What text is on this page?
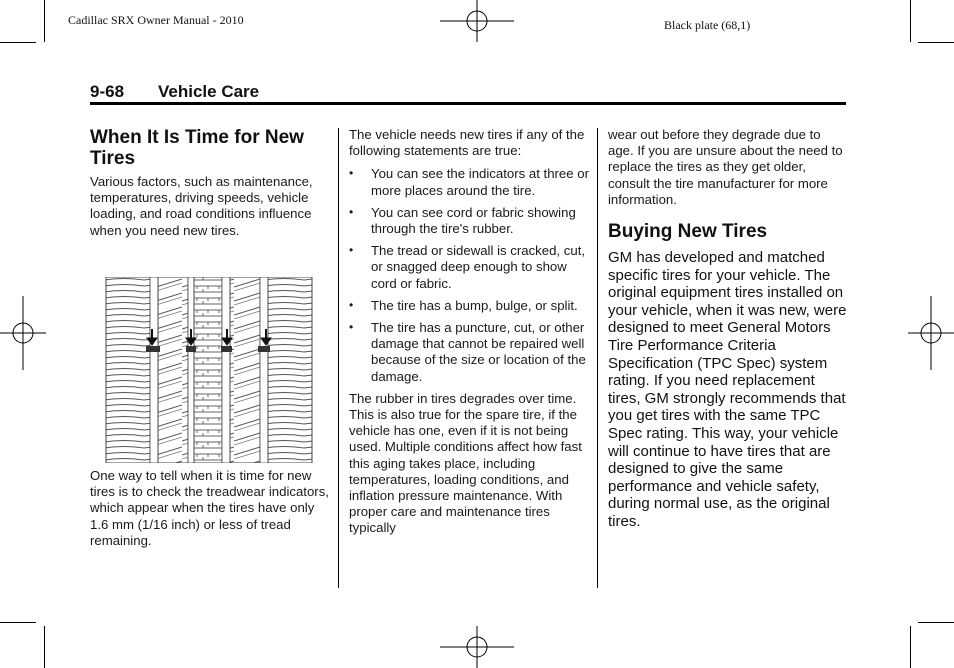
Cadillac SRX Owner Manual - 2010	Black plate (68,1)
9-68 Vehicle Care
When It Is Time for New Tires

Various factors, such as maintenance, temperatures, driving speeds, vehicle loading, and road conditions influence when you need new tires.

One way to tell when it is time for new tires is to check the treadwear indicators, which appear when the tires have only 1.6 mm (1/16 inch) or less of tread remaining.

The vehicle needs new tires if any of the following statements are true:

• You can see the indicators at three or more places around the tire.
• You can see cord or fabric showing through the tire's rubber.
• The tread or sidewall is cracked, cut, or snagged deep enough to show cord or fabric.
• The tire has a bump, bulge, or split.
• The tire has a puncture, cut, or other damage that cannot be repaired well because of the size or location of the damage.

The rubber in tires degrades over time. This is also true for the spare tire, if the vehicle has one, even if it is not being used. Multiple conditions affect how fast this aging takes place, including temperatures, loading conditions, and inflation pressure maintenance. With proper care and maintenance tires typically

wear out before they degrade due to age. If you are unsure about the need to replace the tires as they get older, consult the tire manufacturer for more information.

Buying New Tires

GM has developed and matched specific tires for your vehicle. The original equipment tires installed on your vehicle, when it was new, were designed to meet General Motors Tire Performance Criteria Specification (TPC Spec) system rating. If you need replacement tires, GM strongly recommends that you get tires with the same TPC Spec rating. This way, your vehicle will continue to have tires that are designed to give the same performance and vehicle safety, during normal use, as the original tires.
